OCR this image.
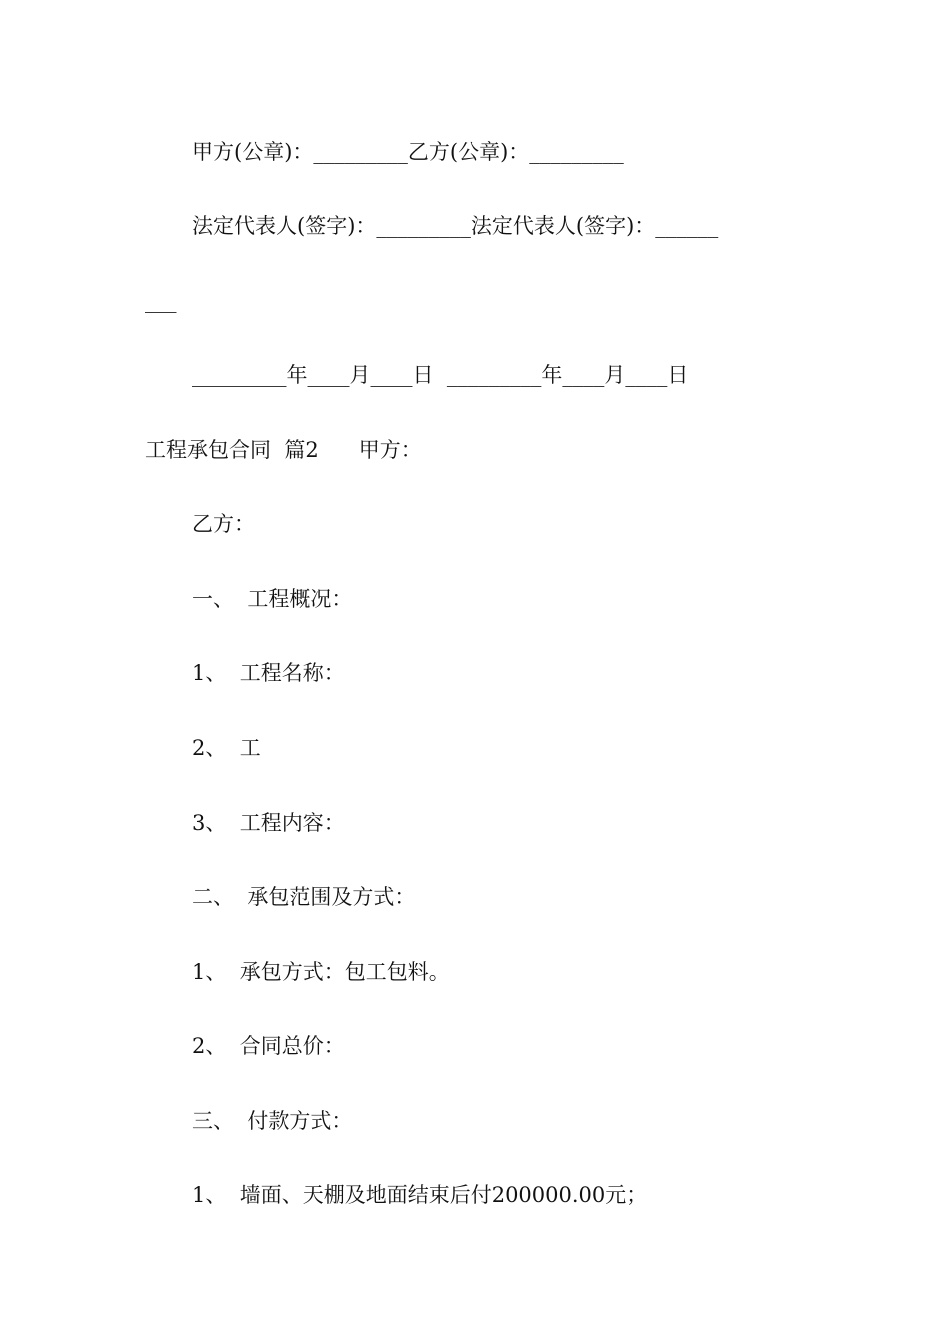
甲方(公章)：_________乙方(公章)：_________

法定代表人(签字)：_________法定代表人(签字)：______

___

_________年____月____日  _________年____月____日

工程承包合同  篇2      甲方：

乙方：

一、  工程概况：

1、  工程名称：

2、  工

3、  工程内容：

二、  承包范围及方式：

1、  承包方式：包工包料。

2、  合同总价：

三、  付款方式：

1、  墙面、天棚及地面结束后付200000.00元；
